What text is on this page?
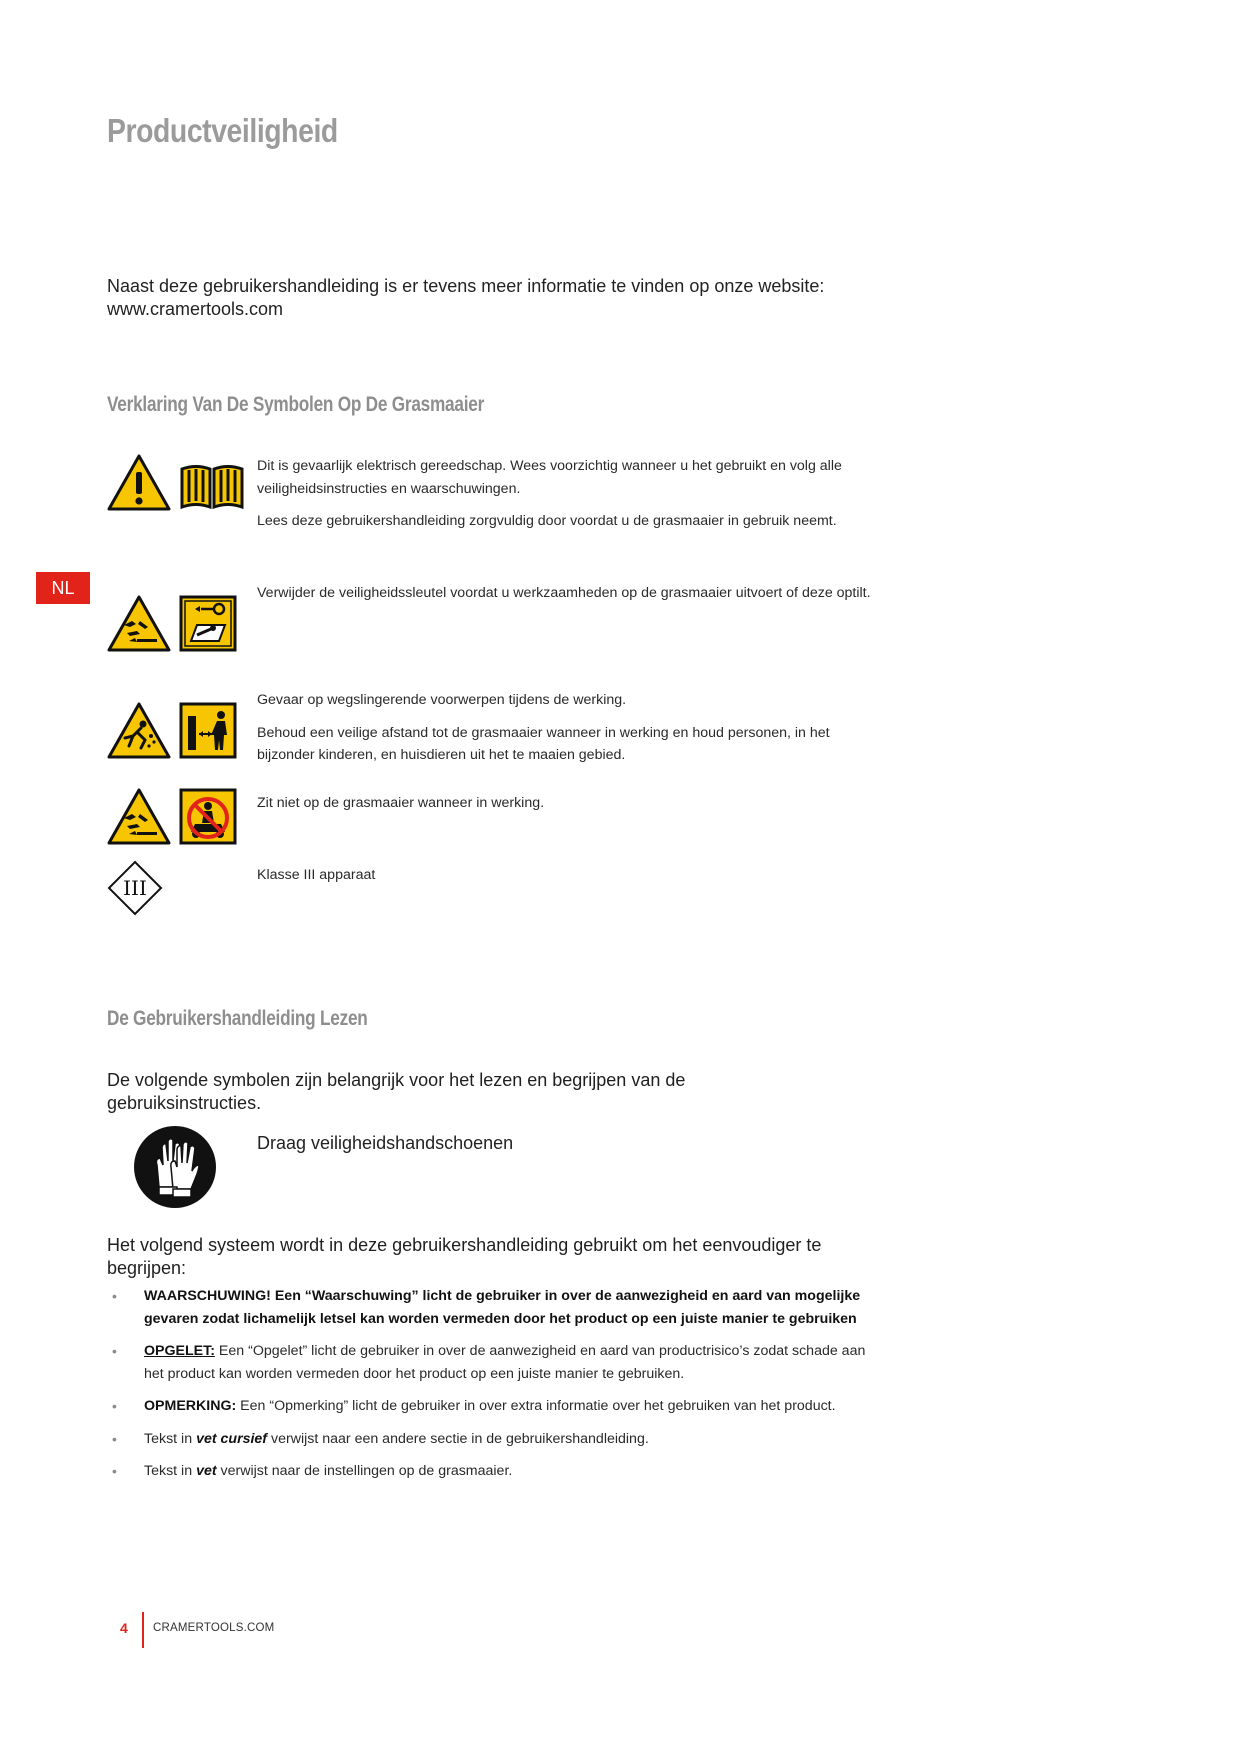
Productveiligheid

Naast deze gebruikershandleiding is er tevens meer informatie te vinden op onze website:

www.cramertools.com

Verklaring Van De Symbolen Op De Grasmaaier
NL

Dit is gevaarlijk elektrisch gereedschap. Wees voorzichtig wanneer u het gebruikt en volg alle veiligheidsinstructies en waarschuwingen.

Lees deze gebruikershandleiding zorgvuldig door voordat u de grasmaaier in gebruik neemt.

Verwijder de veiligheidssleutel voordat u werkzaamheden op de grasmaaier uitvoert of deze optilt.

Gevaar op wegslingerende voorwerpen tijdens de werking.

Behoud een veilige afstand tot de grasmaaier wanneer in werking en houd personen, in het bijzonder kinderen, en huisdieren uit het te maaien gebied.

Zit niet op de grasmaaier wanneer in werking.

III

Klasse III apparaat

De Gebruikershandleiding Lezen

De volgende symbolen zijn belangrijk voor het lezen en begrijpen van de gebruiksinstructies.

Draag veiligheidshandschoenen

Het volgend systeem wordt in deze gebruikershandleiding gebruikt om het eenvoudiger te begrijpen:

• WAARSCHUWING! Een “Waarschuwing” licht de gebruiker in over de aanwezigheid en aard van mogelijke gevaren zodat lichamelijk letsel kan worden vermeden door het product op een juiste manier te gebruiken
• OPGELET: Een “Opgelet” licht de gebruiker in over de aanwezigheid en aard van productrisico’s zodat schade aan het product kan worden vermeden door het product op een juiste manier te gebruiken.
• OPMERKING: Een “Opmerking” licht de gebruiker in over extra informatie over het gebruiken van het product.
• Tekst in vet cursief verwijst naar een andere sectie in de gebruikershandleiding.
• Tekst in vet verwijst naar de instellingen op de grasmaaier.
4 CRAMERTOOLS.COM
